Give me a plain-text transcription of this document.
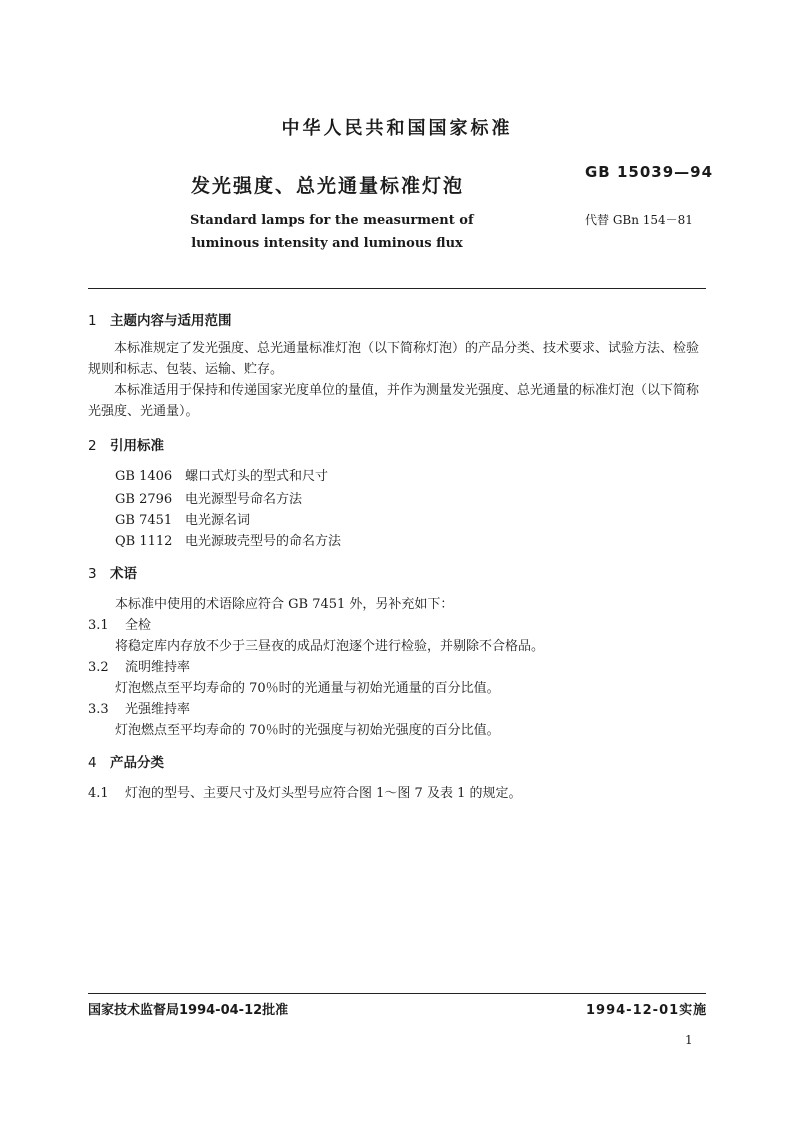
中华人民共和国国家标准
发光强度、总光通量标准灯泡
GB 15039—94
代替 GBn 154－81
Standard lamps for the measurment of
luminous intensity and luminous flux
1 主题内容与适用范围
本标准规定了发光强度、总光通量标准灯泡（以下简称灯泡）的产品分类、技术要求、试验方法、检验规则和标志、包装、运输、贮存。
本标准适用于保持和传递国家光度单位的量值，并作为测量发光强度、总光通量的标准灯泡（以下简称光强度、光通量）。
2 引用标准
GB 1406 螺口式灯头的型式和尺寸
GB 2796 电光源型号命名方法
GB 7451 电光源名词
QB 1112 电光源玻壳型号的命名方法
3 术语
本标准中使用的术语除应符合 GB 7451 外，另补充如下：
3.1 全检
将稳定库内存放不少于三昼夜的成品灯泡逐个进行检验，并剔除不合格品。
3.2 流明维持率
灯泡燃点至平均寿命的 70％时的光通量与初始光通量的百分比值。
3.3 光强维持率
灯泡燃点至平均寿命的 70％时的光强度与初始光强度的百分比值。
4 产品分类
4.1 灯泡的型号、主要尺寸及灯头型号应符合图 1～图 7 及表 1 的规定。
国家技术监督局1994-04-12批准	1994-12-01实施
1
